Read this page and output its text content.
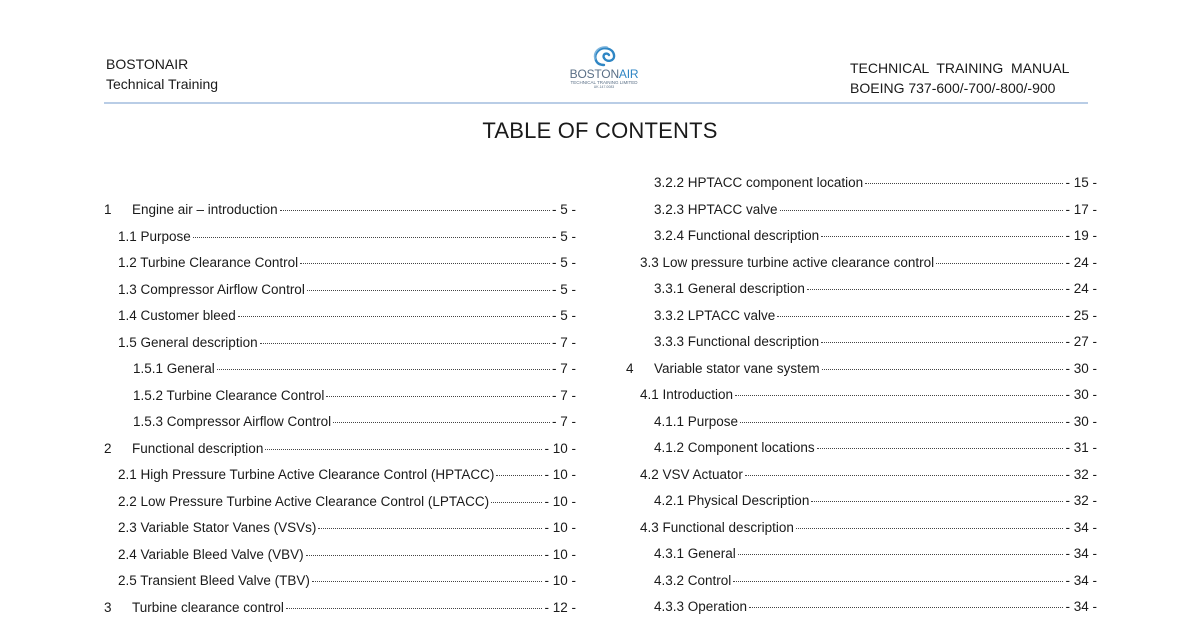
BOSTONAIR
Technical Training
BOSTONAIR
TECHNICAL TRAINING LIMITED
UK.147.0083
TECHNICAL  TRAINING  MANUAL
BOEING 737-600/-700/-800/-900
TABLE OF CONTENTS
1	Engine air – introduction	- 5 -
1.1 Purpose	- 5 -
1.2 Turbine Clearance Control	- 5 -
1.3 Compressor Airflow Control	- 5 -
1.4 Customer bleed	- 5 -
1.5 General description	- 7 -
1.5.1 General	- 7 -
1.5.2 Turbine Clearance Control	- 7 -
1.5.3 Compressor Airflow Control	- 7 -
2	Functional description	- 10 -
2.1 High Pressure Turbine Active Clearance Control (HPTACC)	- 10 -
2.2 Low Pressure Turbine Active Clearance Control (LPTACC)	- 10 -
2.3 Variable Stator Vanes (VSVs)	- 10 -
2.4 Variable Bleed Valve (VBV)	- 10 -
2.5 Transient Bleed Valve (TBV)	- 10 -
3	Turbine clearance control	- 12 -
3.2.2 HPTACC component location	- 15 -
3.2.3 HPTACC valve	- 17 -
3.2.4 Functional description	- 19 -
3.3 Low pressure turbine active clearance control	- 24 -
3.3.1 General description	- 24 -
3.3.2 LPTACC valve	- 25 -
3.3.3 Functional description	- 27 -
4	Variable stator vane system	- 30 -
4.1 Introduction	- 30 -
4.1.1 Purpose	- 30 -
4.1.2 Component locations	- 31 -
4.2 VSV Actuator	- 32 -
4.2.1 Physical Description	- 32 -
4.3 Functional description	- 34 -
4.3.1 General	- 34 -
4.3.2 Control	- 34 -
4.3.3 Operation	- 34 -
